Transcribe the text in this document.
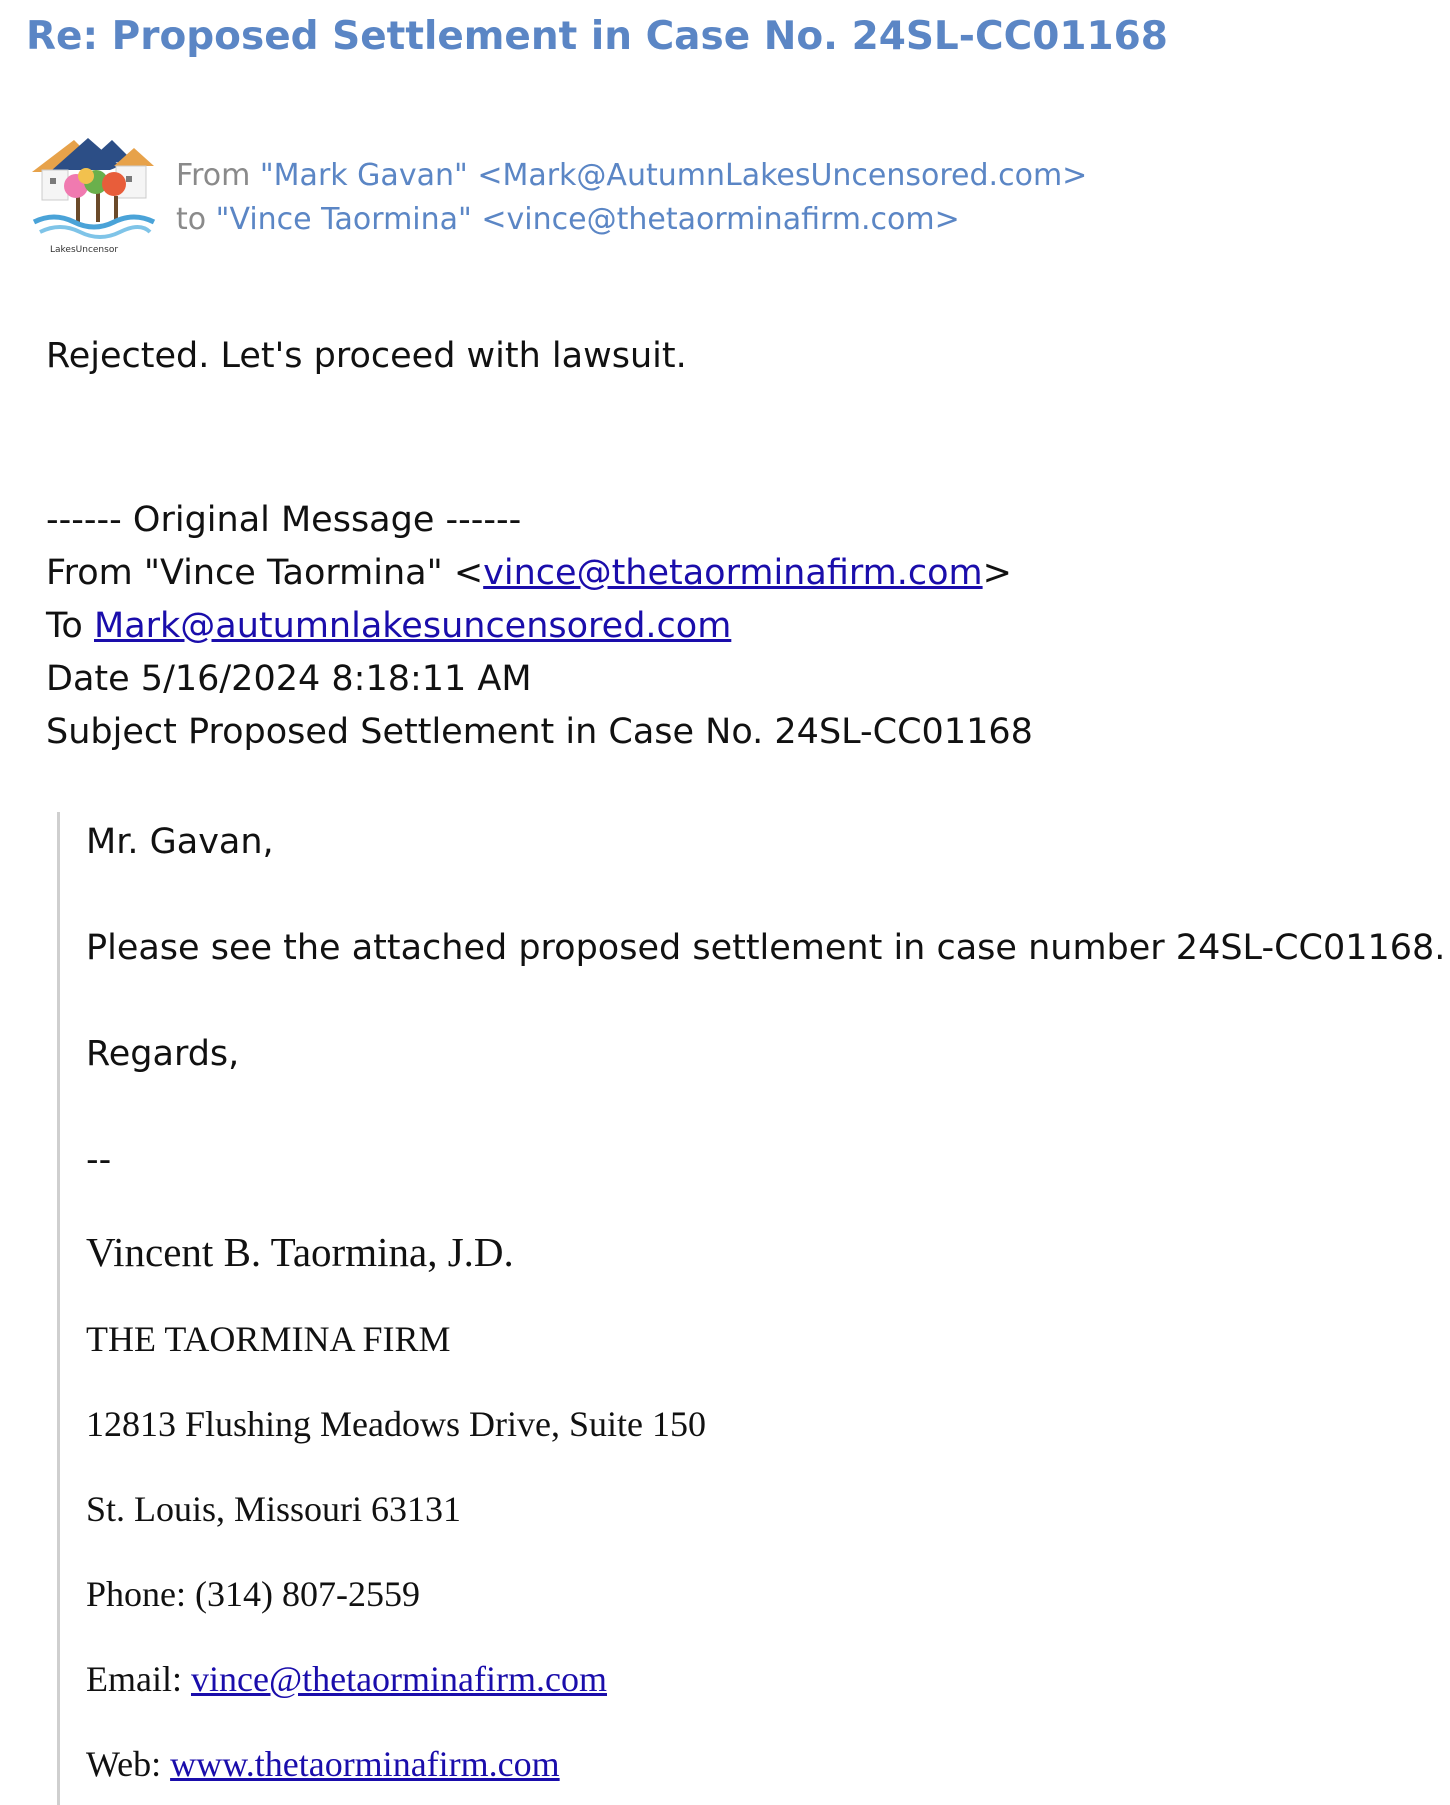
Re: Proposed Settlement in Case No. 24SL-CC01168
LakesUncensor
From "Mark Gavan" <Mark@AutumnLakesUncensored.com>
to "Vince Taormina" <vince@thetaorminafirm.com>
Rejected. Let's proceed with lawsuit.
------ Original Message ------
From "Vince Taormina" <vince@thetaorminafirm.com>
To Mark@autumnlakesuncensored.com
Date 5/16/2024 8:18:11 AM
Subject Proposed Settlement in Case No. 24SL-CC01168
Mr. Gavan,
Please see the attached proposed settlement in case number 24SL-CC01168.
Regards,
--
Vincent B. Taormina, J.D.
THE TAORMINA FIRM
12813 Flushing Meadows Drive, Suite 150
St. Louis, Missouri 63131
Phone: (314) 807-2559
Email: vince@thetaorminafirm.com
Web: www.thetaorminafirm.com
